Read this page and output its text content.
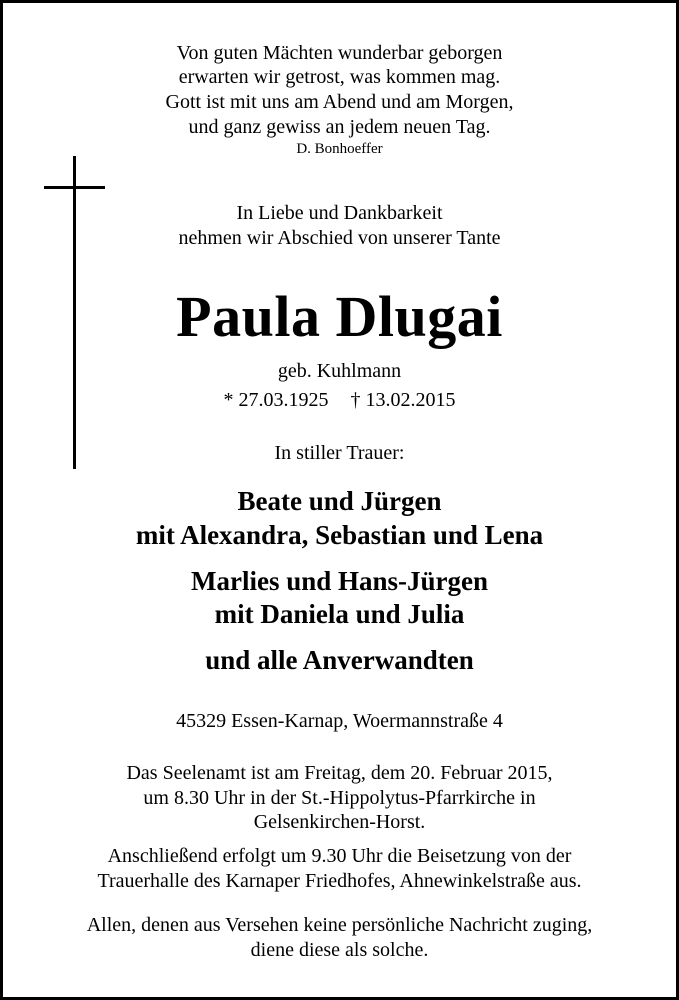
Von guten Mächten wunderbar geborgen
erwarten wir getrost, was kommen mag.
Gott ist mit uns am Abend und am Morgen,
und ganz gewiss an jedem neuen Tag.
D. Bonhoeffer
In Liebe und Dankbarkeit
nehmen wir Abschied von unserer Tante
Paula Dlugai
geb. Kuhlmann
* 27.03.1925 † 13.02.2015
In stiller Trauer:
Beate und Jürgen
mit Alexandra, Sebastian und Lena
Marlies und Hans-Jürgen
mit Daniela und Julia
und alle Anverwandten
45329 Essen-Karnap, Woermannstraße 4
Das Seelenamt ist am Freitag, dem 20. Februar 2015,
um 8.30 Uhr in der St.-Hippolytus-Pfarrkirche in
Gelsenkirchen-Horst.
Anschließend erfolgt um 9.30 Uhr die Beisetzung von der
Trauerhalle des Karnaper Friedhofes, Ahnewinkelstraße aus.
Allen, denen aus Versehen keine persönliche Nachricht zuging,
diene diese als solche.
